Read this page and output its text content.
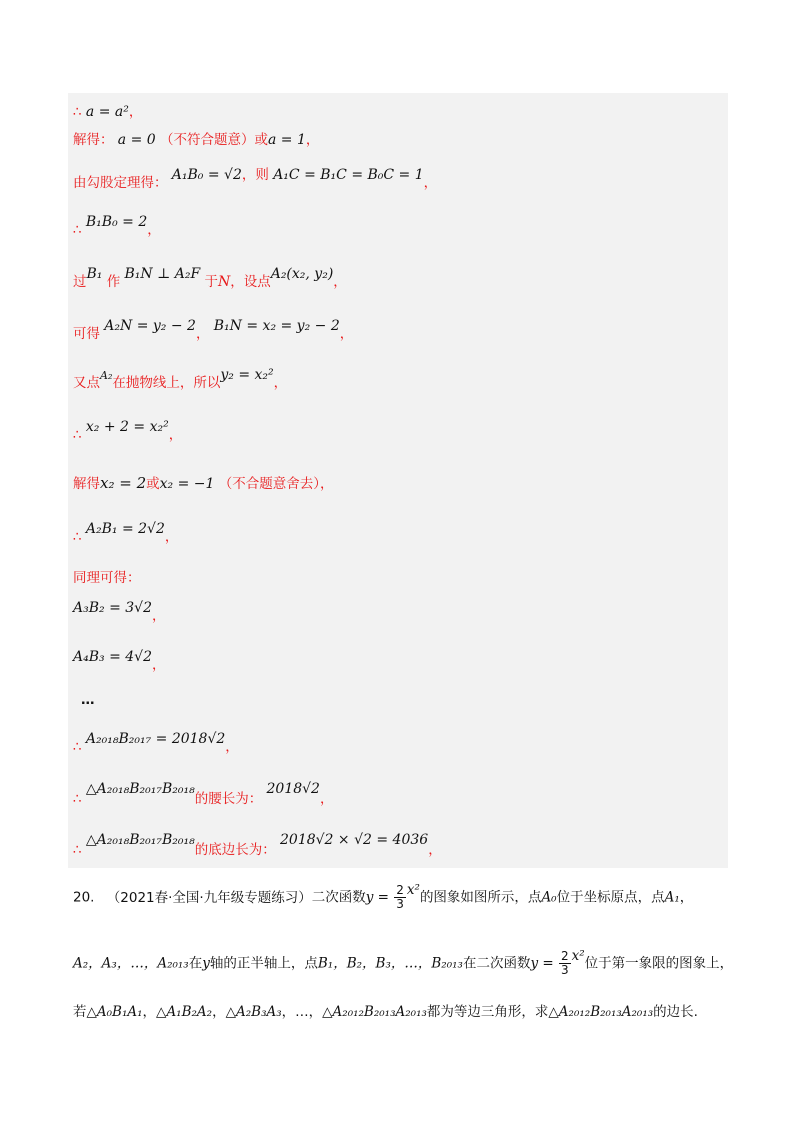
∴ a = a²，
解得： a = 0 （不符合题意）或a = 1，
由勾股定理得： A₁B₀ = √2，则 A₁C = B₁C = B₀C = 1，
∴ B₁B₀ = 2，
过B₁ 作 B₁N ⊥ A₂F 于N，设点A₂(x₂, y₂)，
可得 A₂N = y₂ − 2， B₁N = x₂ = y₂ − 2，
又点A₂在抛物线上，所以y₂ = x₂²，
∴ x₂ + 2 = x₂²，
解得x₂ = 2或x₂ = −1 （不合题意舍去），
∴ A₂B₁ = 2√2，
同理可得：
A₃B₂ = 3√2，
A₄B₃ = 4√2，
…
∴ A₂₀₁₈B₂₀₁₇ = 2018√2，
∴ △A₂₀₁₈B₂₀₁₇B₂₀₁₈的腰长为： 2018√2，
∴ △A₂₀₁₈B₂₀₁₇B₂₀₁₈的底边长为： 2018√2 × √2 = 4036，
20. （2021春·全国·九年级专题练习）二次函数$y = \frac{2}{3} x^2$的图象如图所示，点A₀位于坐标原点，点A₁，
A₂，A₃，…，A₂₀₁₃在y轴的正半轴上，点B₁，B₂，B₃，…，B₂₀₁₃在二次函数$y = \frac{2}{3} x^2$位于第一象限的图象上，
若△A₀B₁A₁，△A₁B₂A₂，△A₂B₃A₃，…，△A₂₀₁₂B₂₀₁₃A₂₀₁₃都为等边三角形，求△A₂₀₁₂B₂₀₁₃A₂₀₁₃的边长.
